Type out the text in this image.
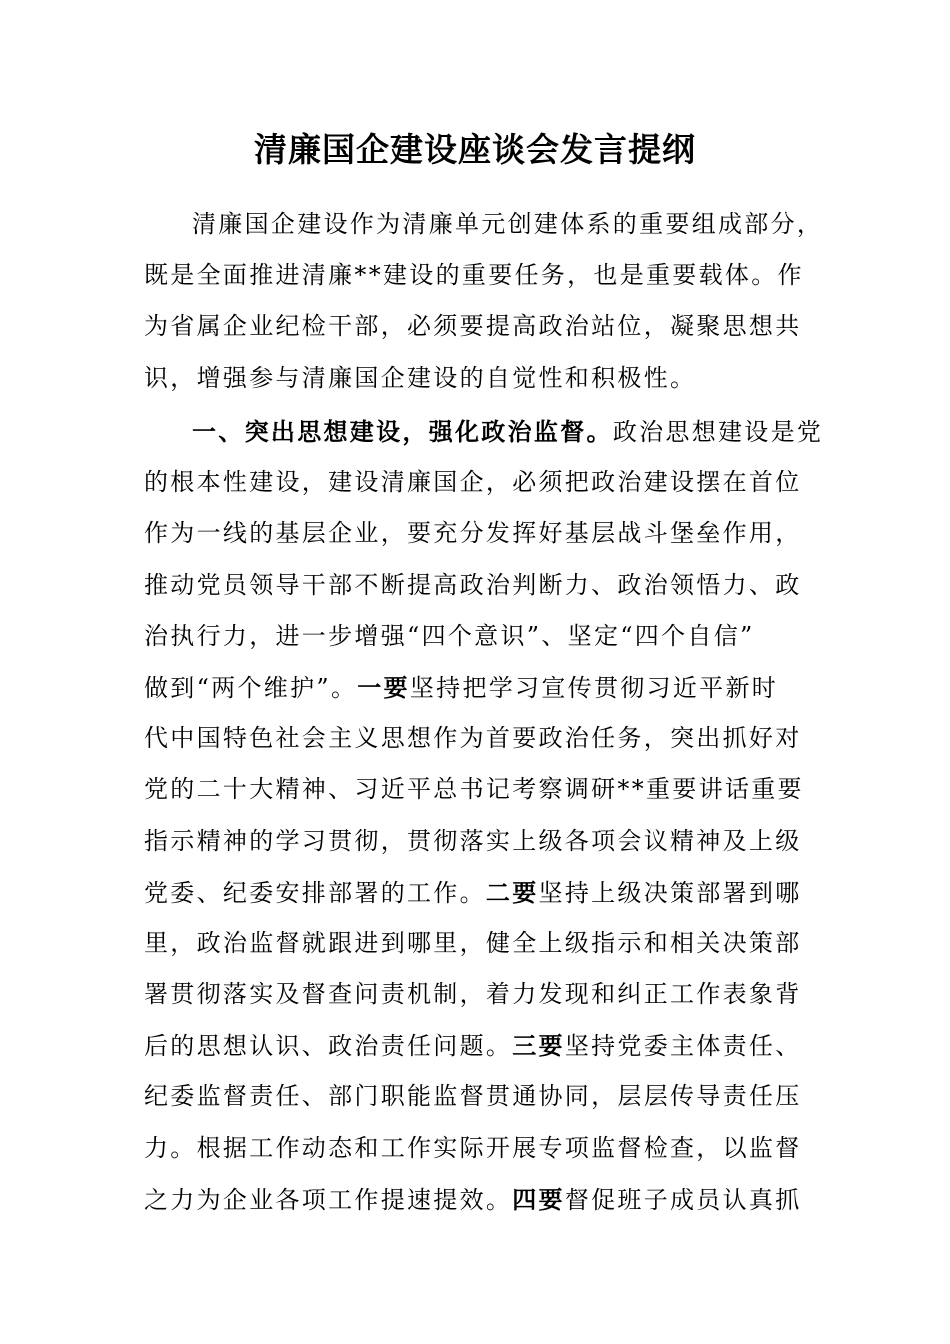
清廉国企建设座谈会发言提纲
清廉国企建设作为清廉单元创建体系的重要组成部分，
既是全面推进清廉**建设的重要任务，也是重要载体。作
为省属企业纪检干部，必须要提高政治站位，凝聚思想共
识，增强参与清廉国企建设的自觉性和积极性。
一、突出思想建设，强化政治监督。政治思想建设是党
的根本性建设，建设清廉国企，必须把政治建设摆在首位
作为一线的基层企业，要充分发挥好基层战斗堡垒作用，
推动党员领导干部不断提高政治判断力、政治领悟力、政
治执行力，进一步增强“四个意识”、坚定“四个自信”
做到“两个维护”。一要坚持把学习宣传贯彻习近平新时
代中国特色社会主义思想作为首要政治任务，突出抓好对
党的二十大精神、习近平总书记考察调研**重要讲话重要
指示精神的学习贯彻，贯彻落实上级各项会议精神及上级
党委、纪委安排部署的工作。二要坚持上级决策部署到哪
里，政治监督就跟进到哪里，健全上级指示和相关决策部
署贯彻落实及督查问责机制，着力发现和纠正工作表象背
后的思想认识、政治责任问题。三要坚持党委主体责任、
纪委监督责任、部门职能监督贯通协同，层层传导责任压
力。根据工作动态和工作实际开展专项监督检查，以监督
之力为企业各项工作提速提效。四要督促班子成员认真抓
